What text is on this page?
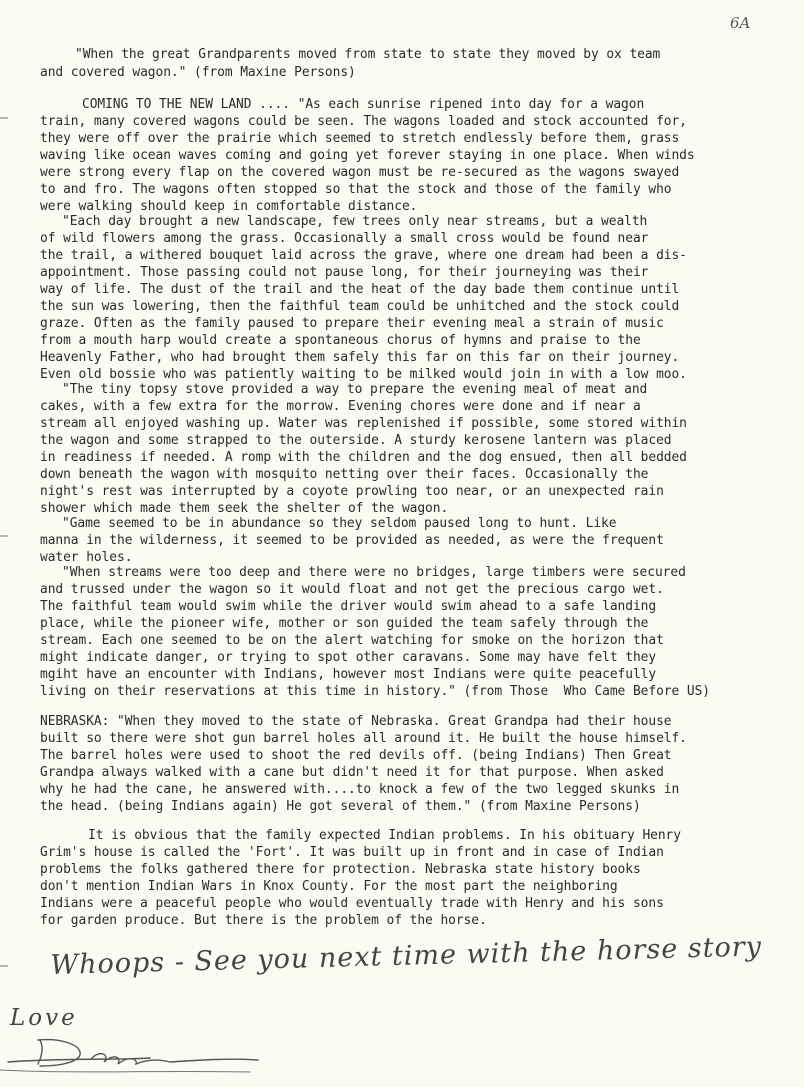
6A
"When the great Grandparents moved from state to state they moved by ox team
and covered wagon." (from Maxine Persons)
COMING TO THE NEW LAND .... "As each sunrise ripened into day for a wagon
train, many covered wagons could be seen. The wagons loaded and stock accounted for,
they were off over the prairie which seemed to stretch endlessly before them, grass
waving like ocean waves coming and going yet forever staying in one place. When winds
were strong every flap on the covered wagon must be re-secured as the wagons swayed
to and fro. The wagons often stopped so that the stock and those of the family who
were walking should keep in comfortable distance.
"Each day brought a new landscape, few trees only near streams, but a wealth
of wild flowers among the grass. Occasionally a small cross would be found near
the trail, a withered bouquet laid across the grave, where one dream had been a dis-
appointment. Those passing could not pause long, for their journeying was their
way of life. The dust of the trail and the heat of the day bade them continue until
the sun was lowering, then the faithful team could be unhitched and the stock could
graze. Often as the family paused to prepare their evening meal a strain of music
from a mouth harp would create a spontaneous chorus of hymns and praise to the
Heavenly Father, who had brought them safely this far on this far on their journey.
Even old bossie who was patiently waiting to be milked would join in with a low moo.
"The tiny topsy stove provided a way to prepare the evening meal of meat and
cakes, with a few extra for the morrow. Evening chores were done and if near a
stream all enjoyed washing up. Water was replenished if possible, some stored within
the wagon and some strapped to the outerside. A sturdy kerosene lantern was placed
in readiness if needed. A romp with the children and the dog ensued, then all bedded
down beneath the wagon with mosquito netting over their faces. Occasionally the
night's rest was interrupted by a coyote prowling too near, or an unexpected rain
shower which made them seek the shelter of the wagon.
"Game seemed to be in abundance so they seldom paused long to hunt. Like
manna in the wilderness, it seemed to be provided as needed, as were the frequent
water holes.
"When streams were too deep and there were no bridges, large timbers were secured
and trussed under the wagon so it would float and not get the precious cargo wet.
The faithful team would swim while the driver would swim ahead to a safe landing
place, while the pioneer wife, mother or son guided the team safely through the
stream. Each one seemed to be on the alert watching for smoke on the horizon that
might indicate danger, or trying to spot other caravans. Some may have felt they
mgiht have an encounter with Indians, however most Indians were quite peacefully
living on their reservations at this time in history." (from Those  Who Came Before US)
NEBRASKA: "When they moved to the state of Nebraska. Great Grandpa had their house
built so there were shot gun barrel holes all around it. He built the house himself.
The barrel holes were used to shoot the red devils off. (being Indians) Then Great
Grandpa always walked with a cane but didn't need it for that purpose. When asked
why he had the cane, he answered with....to knock a few of the two legged skunks in
the head. (being Indians again) He got several of them." (from Maxine Persons)
It is obvious that the family expected Indian problems. In his obituary Henry
Grim's house is called the 'Fort'. It was built up in front and in case of Indian
problems the folks gathered there for protection. Nebraska state history books
don't mention Indian Wars in Knox County. For the most part the neighboring
Indians were a peaceful people who would eventually trade with Henry and his sons
for garden produce. But there is the problem of the horse.
Whoops - See you next time with the horse story
Love
